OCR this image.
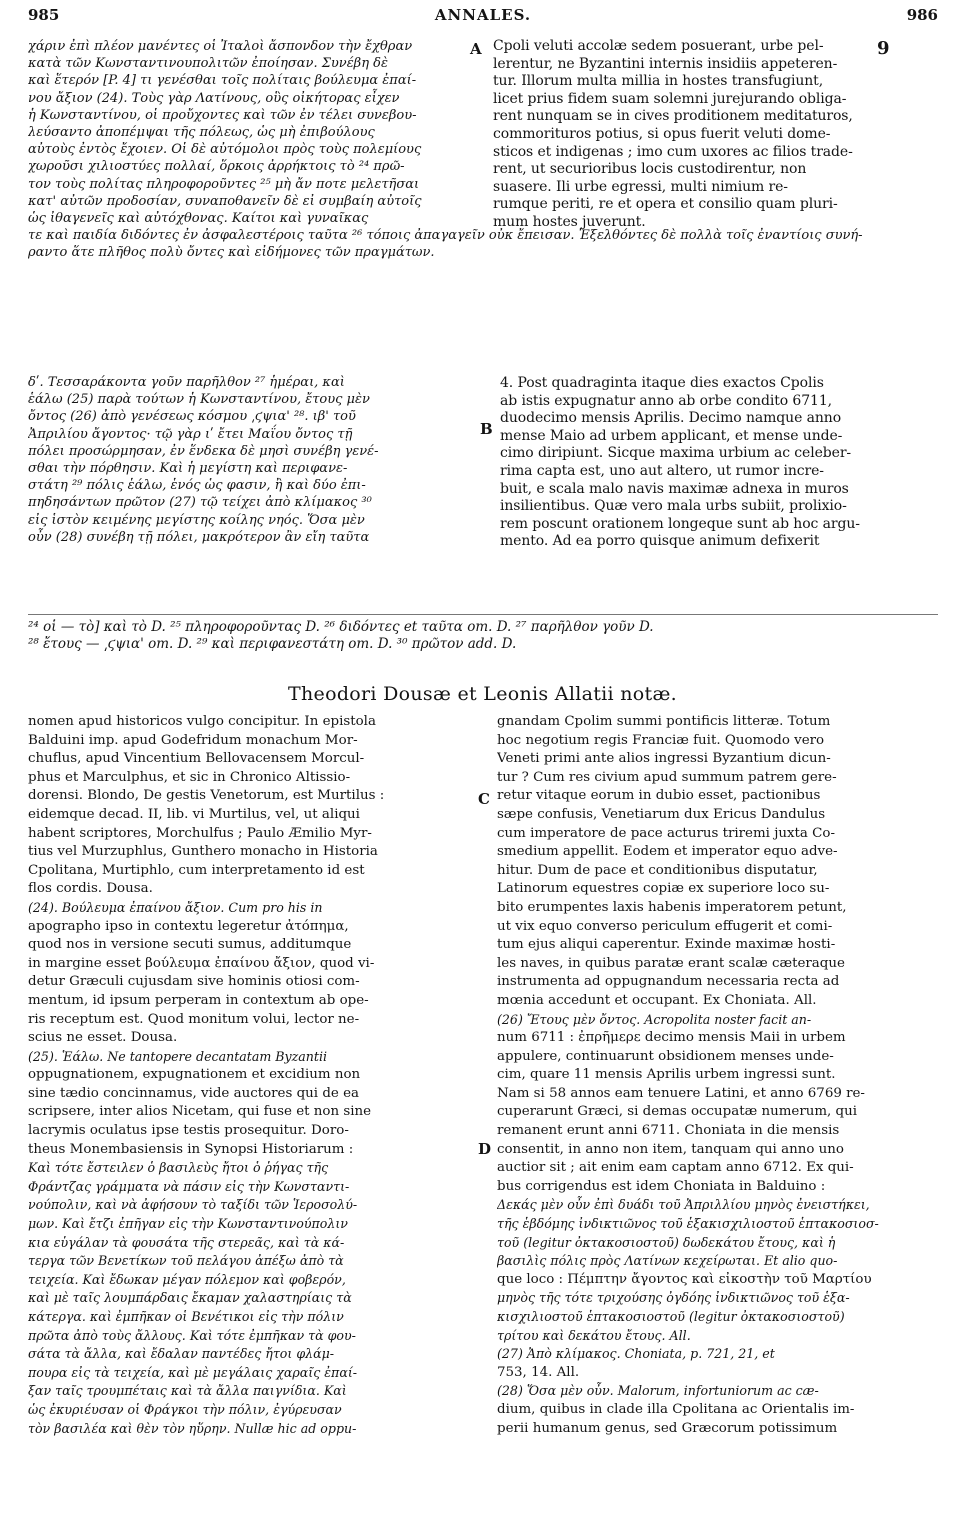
985	ANNALES.	986
χάριν ἐπὶ πλέον μανέντες οἱ Ἰταλοὶ ἄσπονδον τὴν ἔχθραν
κατὰ τῶν Κωνσταντινουπολιτῶν ἐποίησαν. Συνέβη δὲ
καὶ ἕτερόν [P. 4] τι γενέσθαι τοῖς πολίταις βούλευμα ἐπαί-
νου ἄξιον (24). Τοὺς γὰρ Λατίνους, οὓς οἰκήτορας εἶχεν
ἡ Κωνσταντίνου, οἱ προὔχοντες καὶ τῶν ἐν τέλει συνεβου-
λεύσαντο ἀποπέμψαι τῆς πόλεως, ὡς μὴ ἐπιβούλους
αὐτοὺς ἐντὸς ἔχοιεν. Οἱ δὲ αὐτόμολοι πρὸς τοὺς πολεμίους
χωροῦσι χιλιοστύες πολλαί, ὅρκοις ἀρρήκτοις τὸ ²⁴ πρῶ-
τον τοὺς πολίτας πληροφοροῦντες ²⁵ μὴ ἄν ποτε μελετῆσαι
κατ' αὐτῶν προδοσίαν, συναποθανεῖν δὲ εἰ συμβαίη αὐτοῖς
ὡς ἰθαγενεῖς καὶ αὐτόχθονας. Καίτοι καὶ γυναῖκας
A Cpoli veluti accolæ sedem posuerant, urbe pel-
lerentur, ne Byzantini internis insidiis appeteren-
tur. Illorum multa millia in hostes transfugiunt,
licet prius fidem suam solemni jurejurando obliga-
rent nunquam se in cives proditionem meditaturos,
commorituros potius, si opus fuerit veluti dome-
sticos et indigenas ; imo cum uxores ac filios trade-
rent, ut securioribus locis custodirentur, non
suasere. Ili urbe egressi, multi nimium re-
rumque periti, re et opera et consilio quam pluri-
mum hostes juverunt.
9
τε καὶ παιδία διδόντες ἐν ἀσφαλεστέροις ταῦτα ²⁶ τόποις ἀπαγαγεῖν οὐκ ἔπεισαν. Ἐξελθόντες δὲ πολλὰ τοῖς ἐναντίοις συνή-
ραντο ἅτε πλῆθος πολὺ ὄντες καὶ εἰδήμονες τῶν πραγμάτων.
δʹ. Τεσσαράκοντα γοῦν παρῆλθον ²⁷ ἡμέραι, καὶ
ἑάλω (25) παρὰ τούτων ἡ Κωνσταντίνου, ἔτους μὲν
ὄντος (26) ἀπὸ γενέσεως κόσμου ͵ϛψια' ²⁸. ιβ' τοῦ
Ἀπριλίου ἄγοντος· τῷ γὰρ ιʹ ἔτει Μαΐου ὄντος τῇ
πόλει προσώρμησαν, ἐν ἕνδεκα δὲ μησὶ συνέβη γενέ-
σθαι τὴν πόρθησιν. Καὶ ἡ μεγίστη καὶ περιφανε-
στάτη ²⁹ πόλις ἑάλω, ἑνός ὡς φασιν, ἢ καὶ δύο ἐπι-
πηδησάντων πρῶτον (27) τῷ τείχει ἀπὸ κλίμακος ³⁰
εἰς ἱστὸν κειμένης μεγίστης κοίλης νηός. Ὅσα μὲν
οὖν (28) συνέβη τῇ πόλει, μακρότερον ἂν εἴη ταῦτα
B
4. Post quadraginta itaque dies exactos Cpolis
ab istis expugnatur anno ab orbe condito 6711,
duodecimo mensis Aprilis. Decimo namque anno
mense Maio ad urbem applicant, et mense unde-
cimo diripiunt. Sicque maxima urbium ac celeber-
rima capta est, uno aut altero, ut rumor incre-
buit, e scala malo navis maximæ adnexa in muros
insilientibus. Quæ vero mala urbs subiit, prolixio-
rem poscunt orationem longeque sunt ab hoc argu-
mento. Ad ea porro quisque animum defixerit
²⁴ οἱ — τὸ] καὶ τὸ D. ²⁵ πληροφοροῦντας D. ²⁶ διδόντες et ταῦτα om. D. ²⁷ παρῆλθον γοῦν D.
²⁸ ἔτους — ͵ϛψια' om. D. ²⁹ καὶ περιφανεστάτη om. D. ³⁰ πρῶτον add. D.
Theodori Dousæ et Leonis Allatii notæ.
nomen apud historicos vulgo concipitur. In epistola
Balduini imp. apud Godefridum monachum Mor-
chuflus, apud Vincentium Bellovacensem Morcul-
phus et Marculphus, et sic in Chronico Altissio-
dorensi. Blondo, De gestis Venetorum, est Murtilus :
eidemque decad. II, lib. vi Murtilus, vel, ut aliqui
habent scriptores, Morchulfus ; Paulo Æmilio Myr-
tius vel Murzuphlus, Gunthero monacho in Historia
Cpolitana, Murtiphlo, cum interpretamento id est
flos cordis. Dousa.
(24). Βούλευμα ἐπαίνου ἄξιον. Cum pro his in
apographo ipso in contextu legeretur ἀτόπημα,
quod nos in versione secuti sumus, additumque
in margine esset βούλευμα ἐπαίνου ἄξιον, quod vi-
detur Græculi cujusdam sive hominis otiosi com-
mentum, id ipsum perperam in contextum ab ope-
ris receptum est. Quod monitum volui, lector ne-
scius ne esset. Dousa.
(25). Ἑάλω. Ne tantopere decantatam Byzantii
oppugnationem, expugnationem et excidium non
sine tædio concinnamus, vide auctores qui de ea
scripsere, inter alios Nicetam, qui fuse et non sine
lacrymis oculatus ipse testis prosequitur. Doro-
theus Monembasiensis in Synopsi Historiarum :
Καὶ τότε ἔστειλεν ὁ βασιλεὺς ἤτοι ὁ ῥήγας τῆς
Φράντζας γράμματα νὰ πάσιν εἰς τὴν Κωνσταντι-
νούπολιν, καὶ νὰ ἀφήσουν τὸ ταξίδι τῶν Ἱεροσολύ-
μων. Καὶ ἔτζι ἐπῆγαν εἰς τὴν Κωνσταντινούπολιν
κια εὑγάλαν τὰ φουσάτα τῆς στερεᾶς, καὶ τὰ κά-
τεργα τῶν Βενετίκων τοῦ πελάγου ἀπέξω ἀπὸ τὰ
τειχεία. Καὶ ἔδωκαν μέγαν πόλεμον καὶ φοβερόν,
καὶ μὲ ταῖς λουμπάρδαις ἔκαμαν χαλαστηρίαις τὰ
κάτεργα. καὶ ἐμπῆκαν οἱ Βενέτικοι εἰς τὴν πόλιν
πρῶτα ἀπὸ τοὺς ἄλλους. Καὶ τότε ἐμπῆκαν τὰ φου-
σάτα τὰ ἄλλα, καὶ ἔδαλαν παντέδες ἤτοι φλάμ-
πουρα εἰς τὰ τειχεία, καὶ μὲ μεγάλαις χαραῖς ἐπαί-
ξαν ταῖς τρουμπέταις καὶ τὰ ἄλλα παιγνίδια. Καὶ
ὡς ἐκυριέυσαν οἱ Φράγκοι τὴν πόλιν, ἐγύρευσαν
τὸν βασιλέα καὶ θὲν τὸν ηὕρην. Nullæ hic ad oppu-
C
D
gnandam Cpolim summi pontificis litteræ. Totum
hoc negotium regis Franciæ fuit. Quomodo vero
Veneti primi ante alios ingressi Byzantium dicun-
tur ? Cum res civium apud summum patrem gere-
retur vitaque eorum in dubio esset, pactionibus
sæpe confusis, Venetiarum dux Ericus Dandulus
cum imperatore de pace acturus triremi juxta Co-
smedium appellit. Eodem et imperator equo adve-
hitur. Dum de pace et conditionibus disputatur,
Latinorum equestres copiæ ex superiore loco su-
bito erumpentes laxis habenis imperatorem petunt,
ut vix equo converso periculum effugerit et comi-
tum ejus aliqui caperentur. Exinde maximæ hosti-
les naves, in quibus paratæ erant scalæ cæteraque
instrumenta ad oppugnandum necessaria recta ad
mœnia accedunt et occupant. Ex Choniata. All.
(26) Ἔτους μὲν ὄντος. Acropolita noster facit an-
num 6711 : ἐπρῆμερε decimo mensis Maii in urbem
appulere, continuarunt obsidionem menses unde-
cim, quare 11 mensis Aprilis urbem ingressi sunt.
Nam si 58 annos eam tenuere Latini, et anno 6769 re-
cuperarunt Græci, si demas occupatæ numerum, qui
remanent erunt anni 6711. Choniata in die mensis
consentit, in anno non item, tanquam qui anno uno
auctior sit ; ait enim eam captam anno 6712. Ex qui-
bus corrigendus est idem Choniata in Balduino :
Δεκάς μὲν οὖν ἐπὶ δυάδι τοῦ Ἀπριλλίου μηνὸς ἐνειστήκει,
τῆς ἑβδόμης ἰνδικτιῶνος τοῦ ἑξακισχιλιοστοῦ ἑπτακοσιοσ-
τοῦ (legitur ὀκτακοσιοστοῦ) δωδεκάτου ἔτους, καὶ ἡ
βασιλὶς πόλις πρὸς Λατίνων κεχείρωται. Et alio quo-
que loco : Πέμπτην ἄγοντος καὶ εἰκοστὴν τοῦ Μαρτίου
μηνὸς τῆς τότε τριχούσης ὀγδόης ἰνδικτιῶνος τοῦ ἑξα-
κισχιλιοστοῦ ἑπτακοσιοστοῦ (legitur ὀκτακοσιοστοῦ)
τρίτου καὶ δεκάτου ἔτους. All.
(27) Ἀπὸ κλίμακος. Choniata, p. 721, 21, et
753, 14. All.
(28) Ὅσα μὲν οὖν. Malorum, infortuniorum ac cæ-
dium, quibus in clade illa Cpolitana ac Orientalis im-
perii humanum genus, sed Græcorum potissimum
